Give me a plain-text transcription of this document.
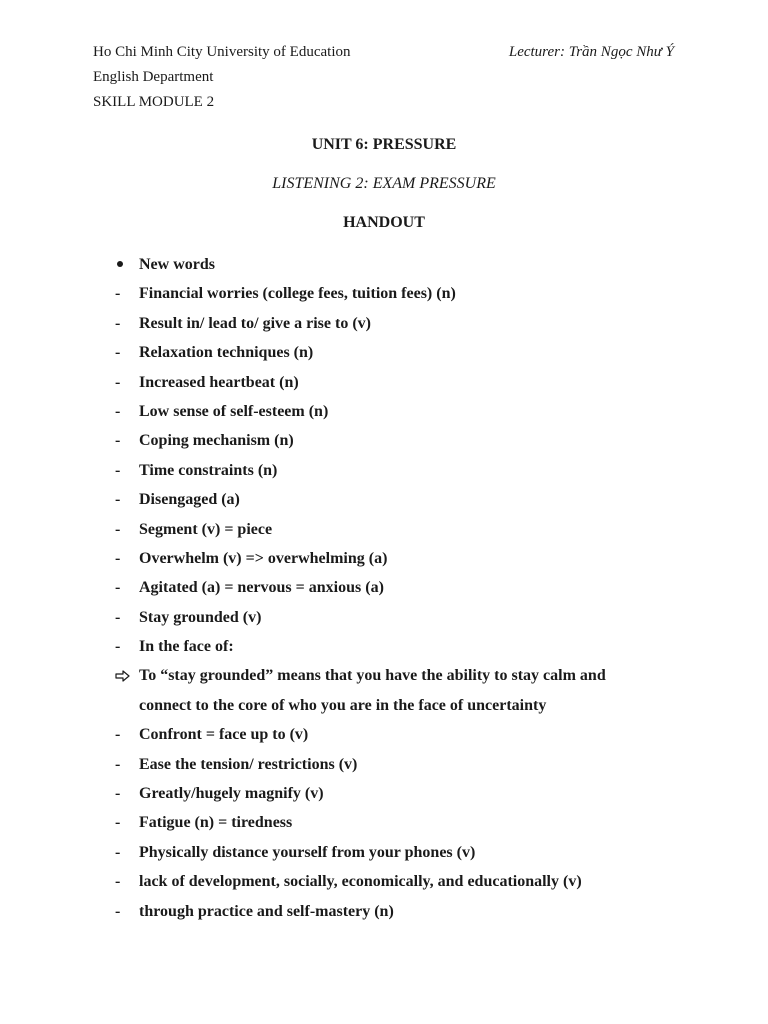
Ho Chi Minh City University of Education	Lecturer: Trần Ngọc Như Ý
English Department
SKILL MODULE 2
UNIT 6: PRESSURE
LISTENING 2: EXAM PRESSURE
HANDOUT
New words
-	Financial worries (college fees, tuition fees) (n)
-	Result in/ lead to/ give a rise to (v)
-	Relaxation techniques (n)
-	Increased heartbeat (n)
-	Low sense of self-esteem (n)
-	Coping mechanism (n)
-	Time constraints (n)
-	Disengaged (a)
-	Segment (v) = piece
-	Overwhelm (v) => overwhelming (a)
-	Agitated (a) = nervous = anxious (a)
-	Stay grounded (v)
-	In the face of:
To “stay grounded” means that you have the ability to stay calm and
connect to the core of who you are in the face of uncertainty
-	Confront = face up to (v)
-	Ease the tension/ restrictions (v)
-	Greatly/hugely magnify (v)
-	Fatigue (n) = tiredness
-	Physically distance yourself from your phones (v)
-	lack of development, socially, economically, and educationally (v)
-	through practice and self-mastery (n)
